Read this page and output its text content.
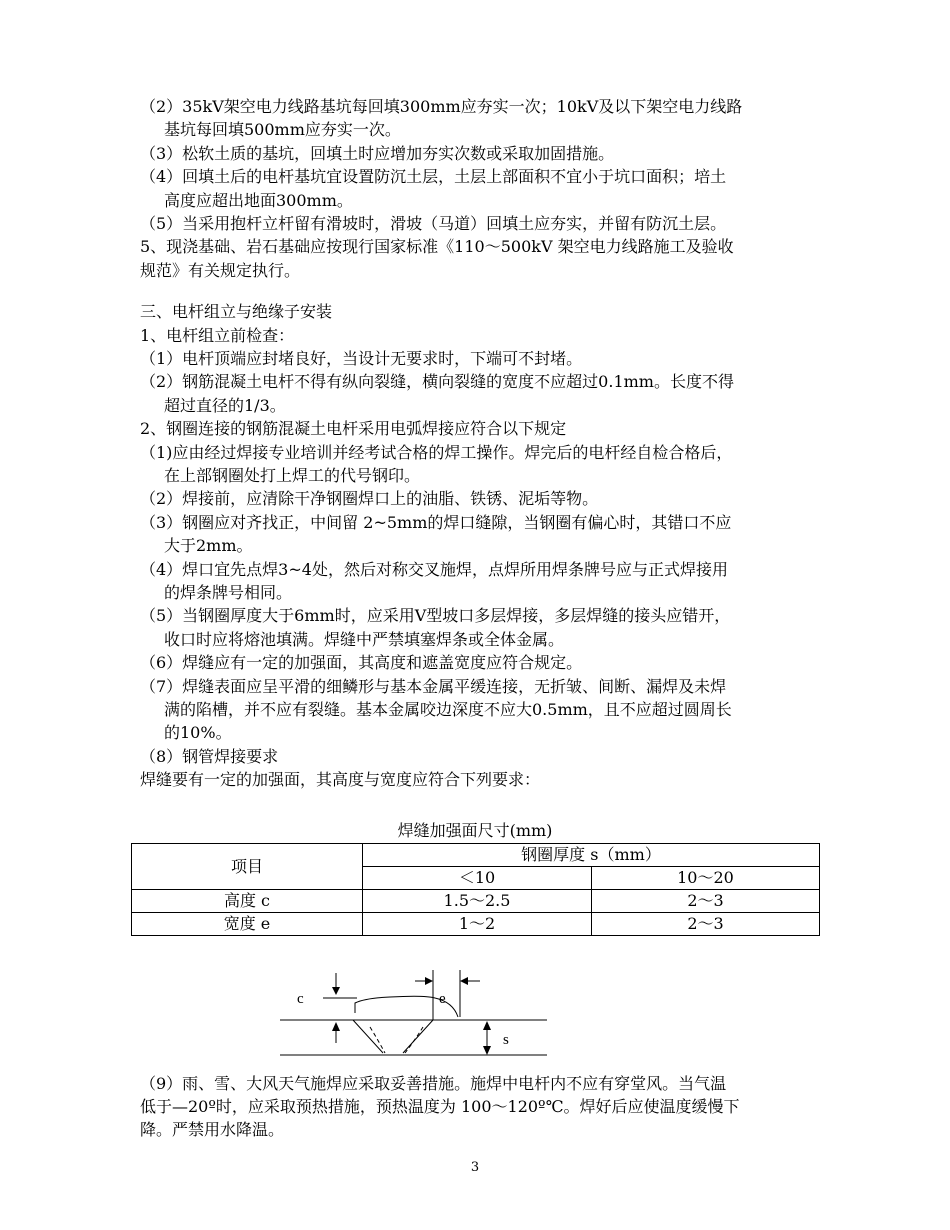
（2）35kV架空电力线路基坑每回填300mm应夯实一次；10kV及以下架空电力线路
基坑每回填500mm应夯实一次。
（3）松软土质的基坑，回填土时应增加夯实次数或采取加固措施。
（4）回填土后的电杆基坑宜设置防沉土层，土层上部面积不宜小于坑口面积；培土
高度应超出地面300mm。
（5）当采用抱杆立杆留有滑坡时，滑坡（马道）回填土应夯实，并留有防沉土层。
5、现浇基础、岩石基础应按现行国家标准《110～500kV 架空电力线路施工及验收
规范》有关规定执行。
三、电杆组立与绝缘子安装
1、电杆组立前检查：
（1）电杆顶端应封堵良好，当设计无要求时，下端可不封堵。
（2）钢筋混凝土电杆不得有纵向裂缝，横向裂缝的宽度不应超过0.1mm。长度不得
超过直径的1/3。
2、钢圈连接的钢筋混凝土电杆采用电弧焊接应符合以下规定
（1)应由经过焊接专业培训并经考试合格的焊工操作。焊完后的电杆经自检合格后，
在上部钢圈处打上焊工的代号钢印。
（2）焊接前，应清除干净钢圈焊口上的油脂、铁锈、泥垢等物。
（3）钢圈应对齐找正，中间留 2~5mm的焊口缝隙，当钢圈有偏心时，其错口不应
大于2mm。
（4）焊口宜先点焊3~4处，然后对称交叉施焊，点焊所用焊条牌号应与正式焊接用
的焊条牌号相同。
（5）当钢圈厚度大于6mm时，应采用V型坡口多层焊接，多层焊缝的接头应错开，
收口时应将熔池填满。焊缝中严禁填塞焊条或全体金属。
（6）焊缝应有一定的加强面，其高度和遮盖宽度应符合规定。
（7）焊缝表面应呈平滑的细鳞形与基本金属平缓连接，无折皱、间断、漏焊及未焊
满的陷槽，并不应有裂缝。基本金属咬边深度不应大0.5mm，且不应超过圆周长
的10%。
（8）钢管焊接要求
焊缝要有一定的加强面，其高度与宽度应符合下列要求：
焊缝加强面尺寸(mm)
项目	钢圈厚度 s（mm）	
	＜10	10～20
高度 c	1.5～2.5	2～3
宽度 e	1～2	2～3
c	e
s
（9）雨、雪、大风天气施焊应采取妥善措施。施焊中电杆内不应有穿堂风。当气温
低于—20º时，应采取预热措施，预热温度为 100～120º℃。焊好后应使温度缓慢下
降。严禁用水降温。
3
